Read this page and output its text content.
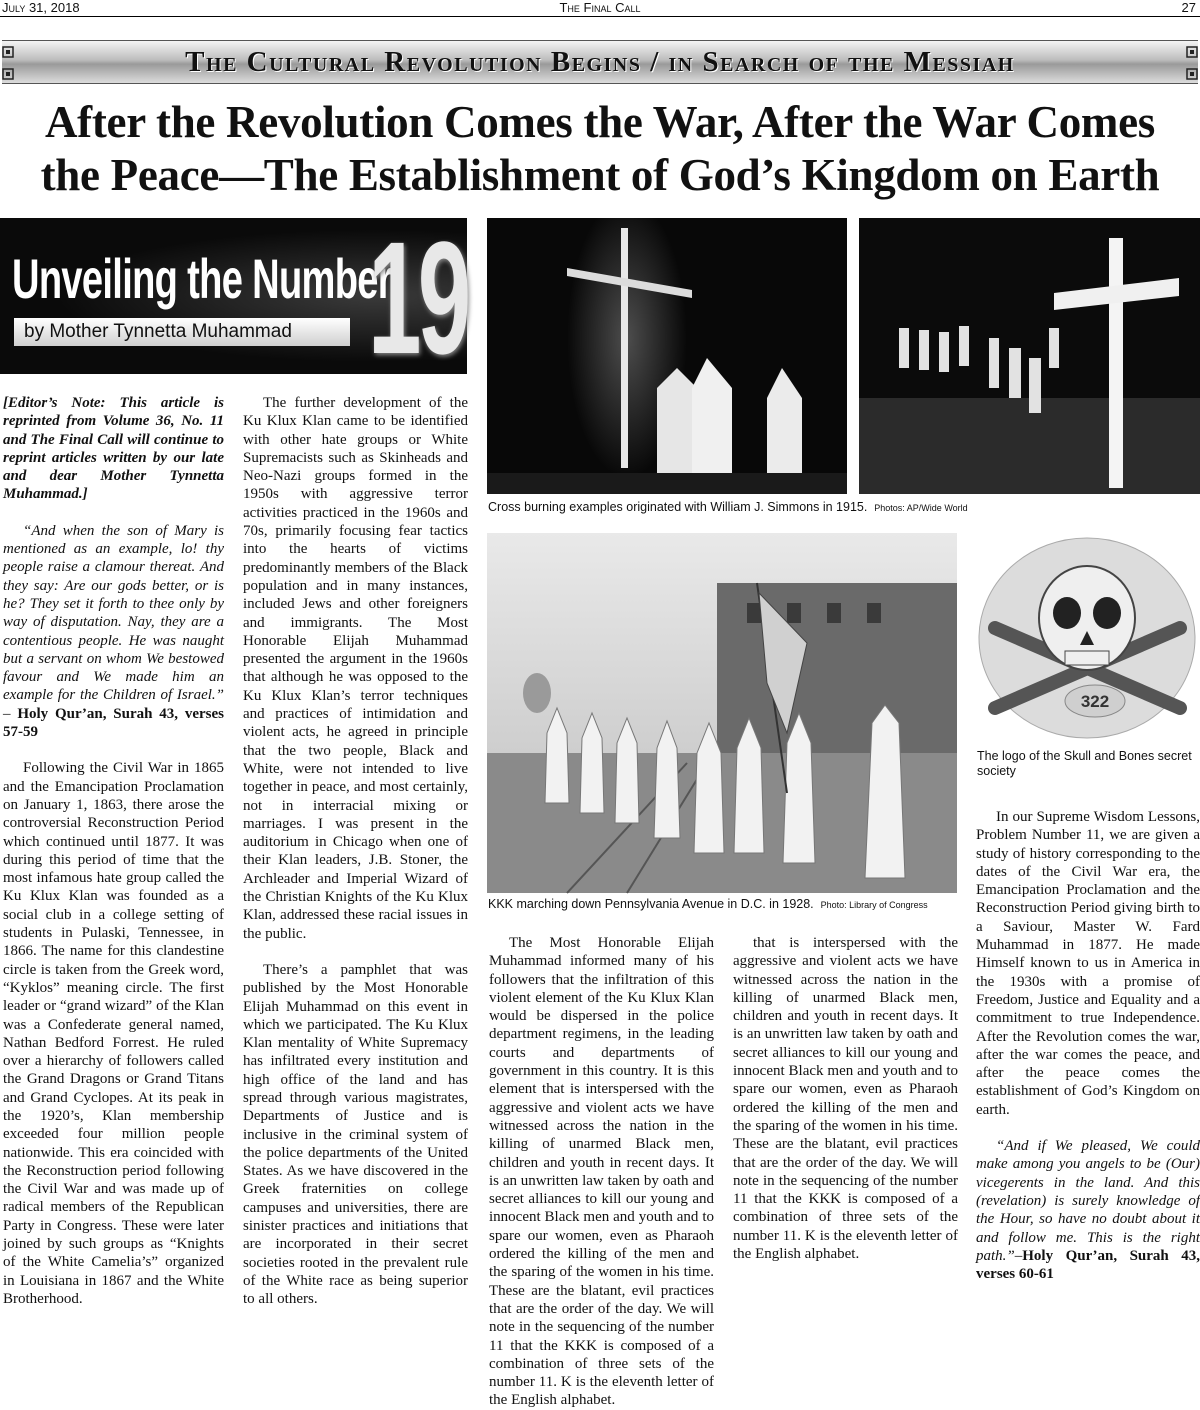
July 31, 2018	The Final Call	27
The Cultural Revolution Begins / in Search of the Messiah
After the Revolution Comes the War, After the War Comes
the Peace—The Establishment of God’s Kingdom on Earth
Unveiling the Number
19
by Mother Tynnetta Muhammad
Cross burning examples originated with William J. Simmons in 1915. Photos: AP/Wide World
KKK marching down Pennsylvania Avenue in D.C. in 1928. Photo: Library of Congress
322
The logo of the Skull and Bones secret society

[Editor’s Note: This article is reprinted from Volume 36, No. 11 and The Final Call will continue to reprint articles written by our late and dear Mother Tynnetta Muhammad.]

“And when the son of Mary is mentioned as an example, lo! thy people raise a clamour thereat. And they say: Are our gods better, or is he? They set it forth to thee only by way of disputation. Nay, they are a contentious people. He was naught but a servant on whom We bestowed favour and We made him an example for the Children of Israel.” – Holy Qur’an, Surah 43, verses 57-59

Following the Civil War in 1865 and the Emancipation Proclamation on January 1, 1863, there arose the controversial Reconstruction Period which continued until 1877. It was during this period of time that the most infamous hate group called the Ku Klux Klan was founded as a social club in a college setting of students in Pulaski, Tennessee, in 1866. The name for this clandestine circle is taken from the Greek word, “Kyklos” meaning circle. The first leader or “grand wizard” of the Klan was a Confederate general named, Nathan Bedford Forrest. He ruled over a hierarchy of followers called the Grand Dragons or Grand Titans and Grand Cyclopes. At its peak in the 1920’s, Klan membership exceeded four million people nationwide. This era coincided with the Reconstruction period following the Civil War and was made up of radical members of the Republican Party in Congress. These were later joined by such groups as “Knights of the White Camelia’s” organized in Louisiana in 1867 and the White Brotherhood.

The further development of the Ku Klux Klan came to be identified with other hate groups or White Supremacists such as Skinheads and Neo-Nazi groups formed in the 1950s with aggressive terror activities practiced in the 1960s and 70s, primarily focusing fear tactics into the hearts of victims predominantly members of the Black population and in many instances, included Jews and other foreigners and immigrants. The Most Honorable Elijah Muhammad presented the argument in the 1960s that although he was opposed to the Ku Klux Klan’s terror techniques and practices of intimidation and violent acts, he agreed in principle that the two people, Black and White, were not intended to live together in peace, and most certainly, not in interracial mixing or marriages. I was present in the auditorium in Chicago when one of their Klan leaders, J.B. Stoner, the Archleader and Imperial Wizard of the Christian Knights of the Ku Klux Klan, addressed these racial issues in the public.

There’s a pamphlet that was published by the Most Honorable Elijah Muhammad on this event in which we participated. The Ku Klux Klan mentality of White Supremacy has infiltrated every institution and high office of the land and has spread through various magistrates, Departments of Justice and is inclusive in the criminal system of the police departments of the United States. As we have discovered in the Greek fraternities on college campuses and universities, there are sinister practices and initiations that are incorporated in their secret societies rooted in the prevalent rule of the White race as being superior to all others.

The Most Honorable Elijah Muhammad informed many of his followers that the infiltration of this violent element of the Ku Klux Klan would be dispersed in the police department regimens, in the leading courts and departments of government in this country. It is this element that is interspersed with the aggressive and violent acts we have witnessed across the nation in the killing of unarmed Black men, children and youth in recent days. It is an unwritten law taken by oath and secret alliances to kill our young and innocent Black men and youth and to spare our women, even as Pharaoh ordered the killing of the men and the sparing of the women in his time. These are the blatant, evil practices that are the order of the day. We will note in the sequencing of the number 11 that the KKK is composed of a combination of three sets of the number 11. K is the eleventh letter of the English alphabet.

that is interspersed with the aggressive and violent acts we have witnessed across the nation in the killing of unarmed Black men, children and youth in recent days. It is an unwritten law taken by oath and secret alliances to kill our young and innocent Black men and youth and to spare our women, even as Pharaoh ordered the killing of the men and the sparing of the women in his time. These are the blatant, evil practices that are the order of the day. We will note in the sequencing of the number 11 that the KKK is composed of a combination of three sets of the number 11. K is the eleventh letter of the English alphabet.

In our Supreme Wisdom Lessons, Problem Number 11, we are given a study of history corresponding to the dates of the Civil War era, the Emancipation Proclamation and the Reconstruction Period giving birth to a Saviour, Master W. Fard Muhammad in 1877. He made Himself known to us in America in the 1930s with a promise of Freedom, Justice and Equality and a commitment to true Independence. After the Revolution comes the war, after the war comes the peace, and after the peace comes the establishment of God’s Kingdom on earth.

“And if We pleased, We could make among you angels to be (Our) vicegerents in the land. And this (revelation) is surely knowledge of the Hour, so have no doubt about it and follow me. This is the right path.”–Holy Qur’an, Surah 43, verses 60-61
